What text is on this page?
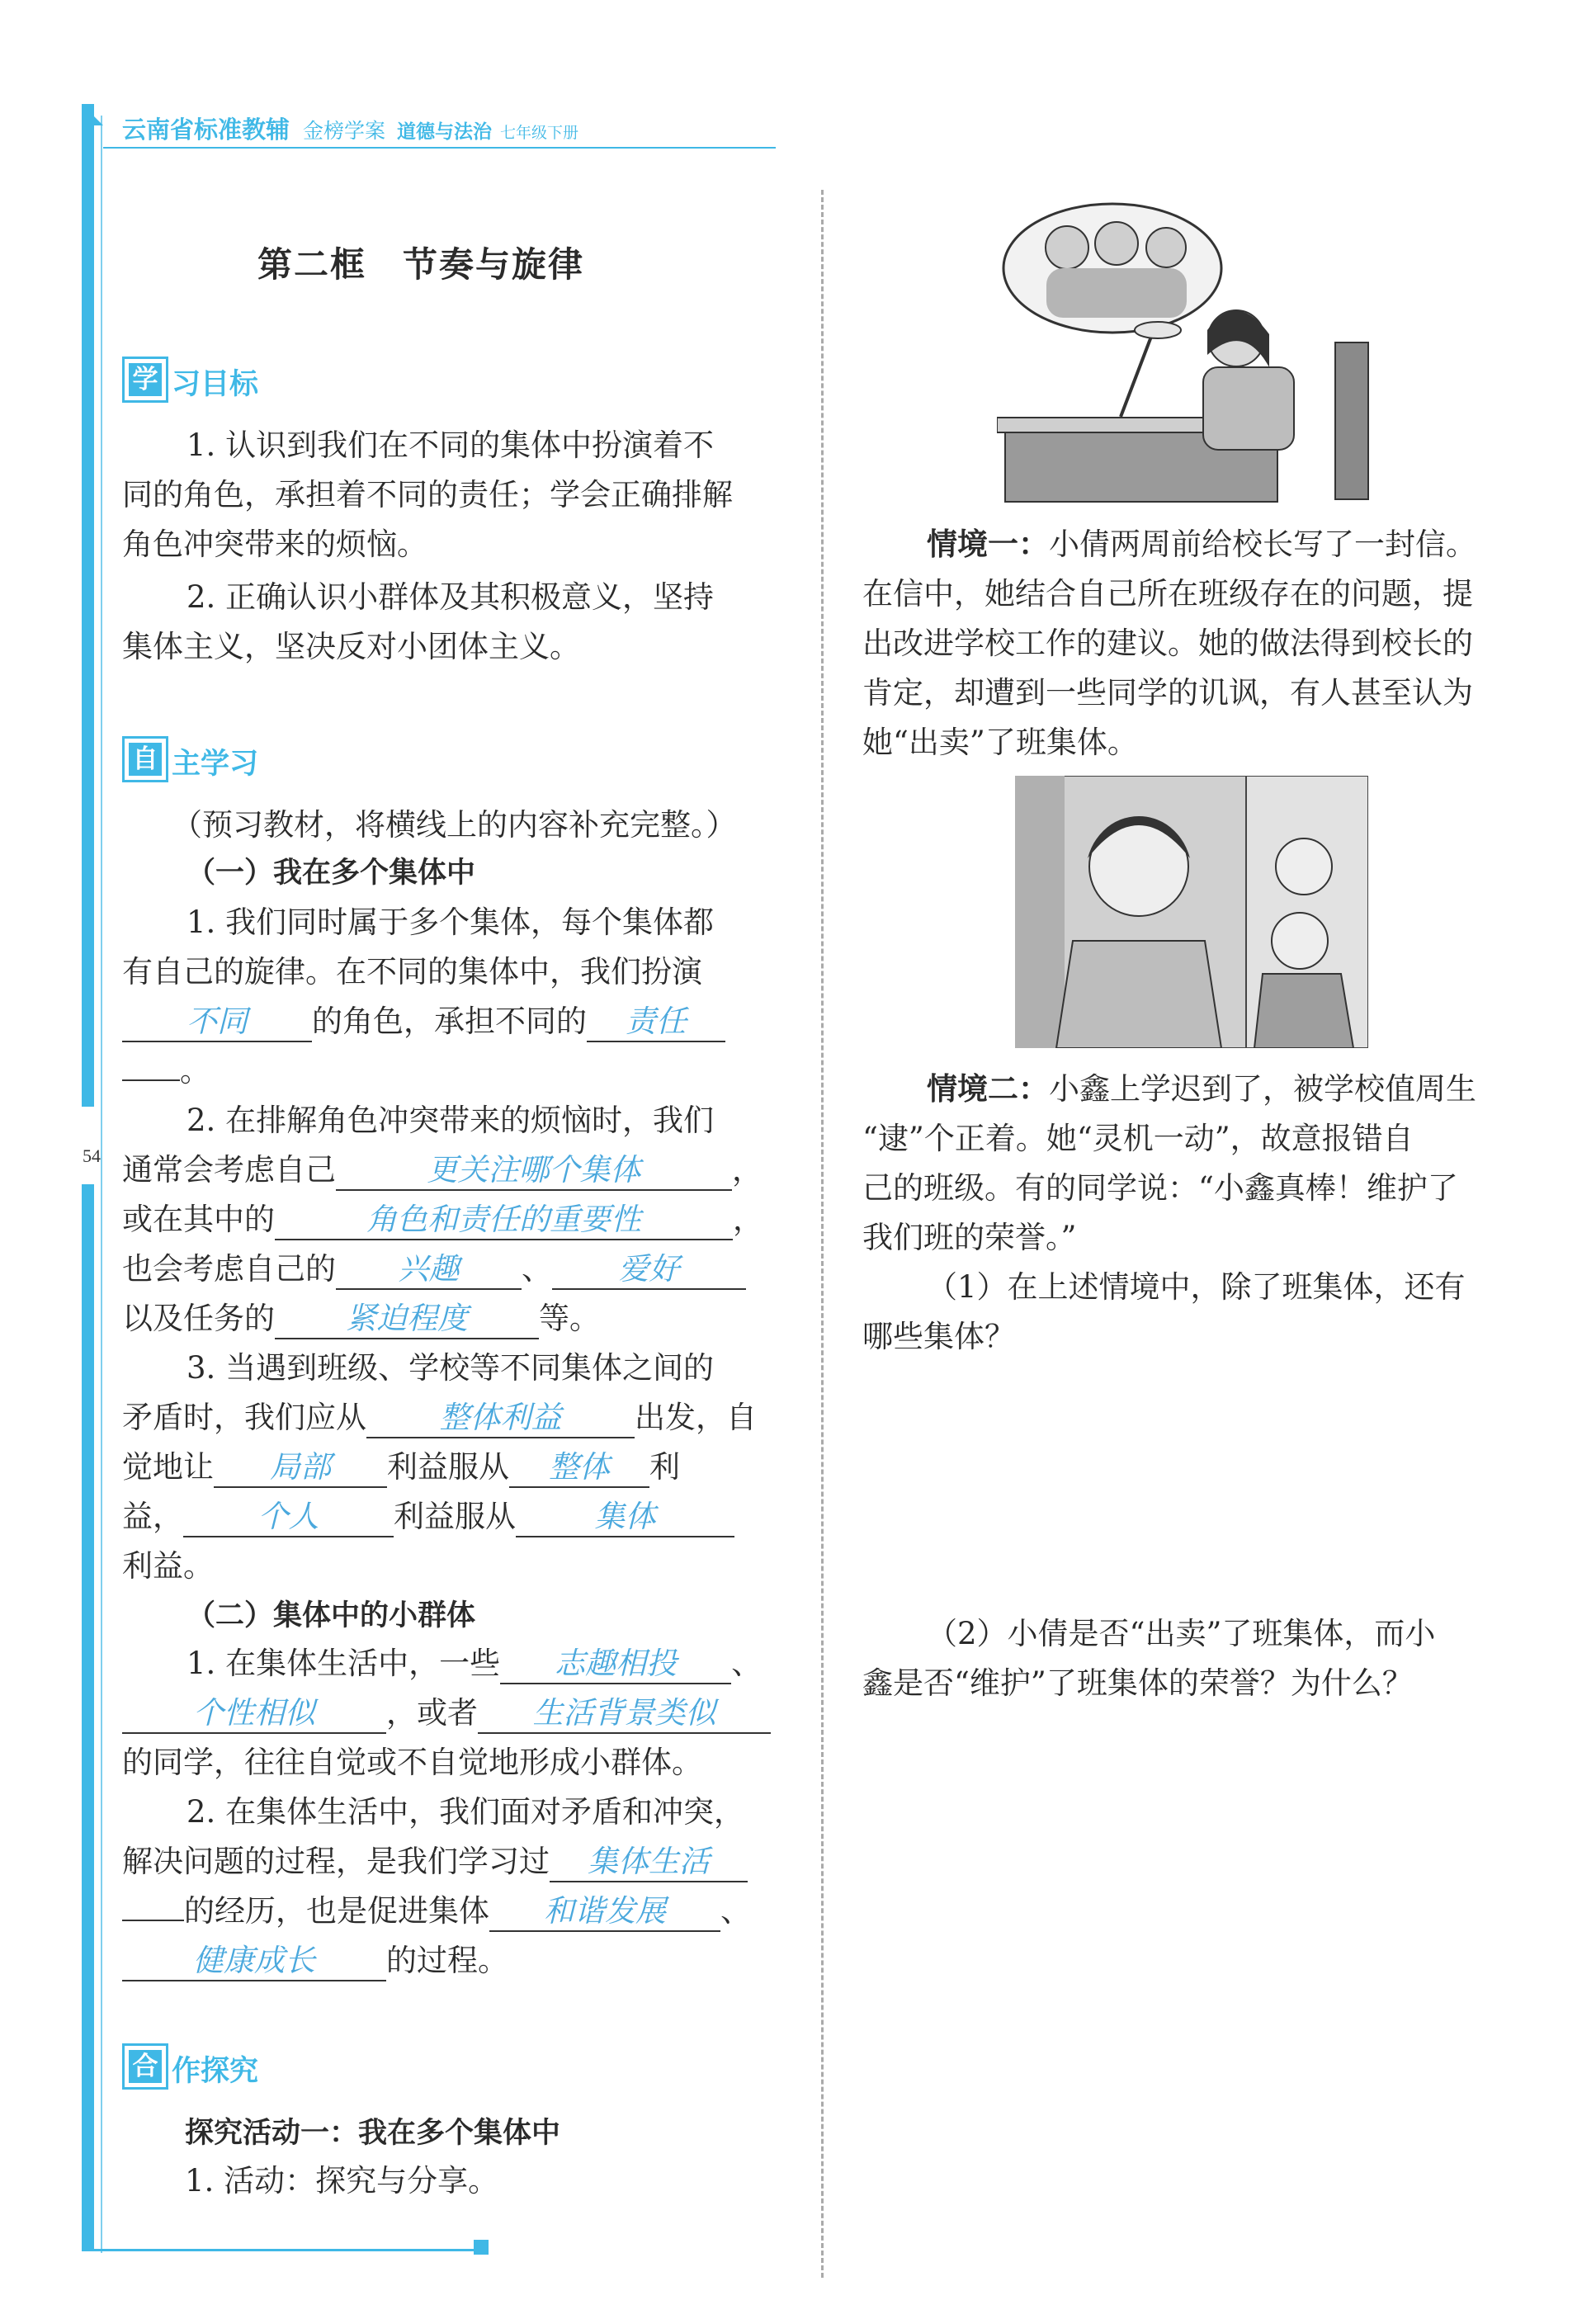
54
云南省标准教辅 金榜学案 道德与法治 七年级下册
第二框　节奏与旋律
学 习目标
1. 认识到我们在不同的集体中扮演着不
同的角色，承担着不同的责任；学会正确排解
角色冲突带来的烦恼。
2. 正确认识小群体及其积极意义，坚持
集体主义，坚决反对小团体主义。
自 主学习
（预习教材，将横线上的内容补充完整。）
（一）我在多个集体中
1. 我们同时属于多个集体，每个集体都
有自己的旋律。在不同的集体中，我们扮演
不同 的角色，承担不同的 责任
。
2. 在排解角色冲突带来的烦恼时，我们
通常会考虑自己	更关注哪个集体	，
或在其中的	角色和责任的重要性	，
也会考虑自己的 兴趣 、 爱好
以及任务的 紧迫程度 等。
3. 当遇到班级、学校等不同集体之间的
矛盾时，我们应从 整体利益 出发，自
觉地让 局部 利益服从 整体 利
益， 个人 利益服从	集体
利益。
（二）集体中的小群体
1. 在集体生活中，一些 志趣相投 、
个性相似 ，或者 生活背景类似
的同学，往往自觉或不自觉地形成小群体。
2. 在集体生活中，我们面对矛盾和冲突，
解决问题的过程，是我们学习过 集体生活
的经历，也是促进集体 和谐发展 、
健康成长 的过程。
合 作探究
探究活动一：我在多个集体中
1. 活动：探究与分享。
情境一：小倩两周前给校长写了一封信。
在信中，她结合自己所在班级存在的问题，提
出改进学校工作的建议。她的做法得到校长的
肯定，却遭到一些同学的讥讽，有人甚至认为
她“出卖”了班集体。
情境二：小鑫上学迟到了，被学校值周生
“逮”个正着。她“灵机一动”，故意报错自
己的班级。有的同学说：“小鑫真棒！维护了
我们班的荣誉。”
（1）在上述情境中，除了班集体，还有
哪些集体？
（2）小倩是否“出卖”了班集体，而小
鑫是否“维护”了班集体的荣誉？为什么？
